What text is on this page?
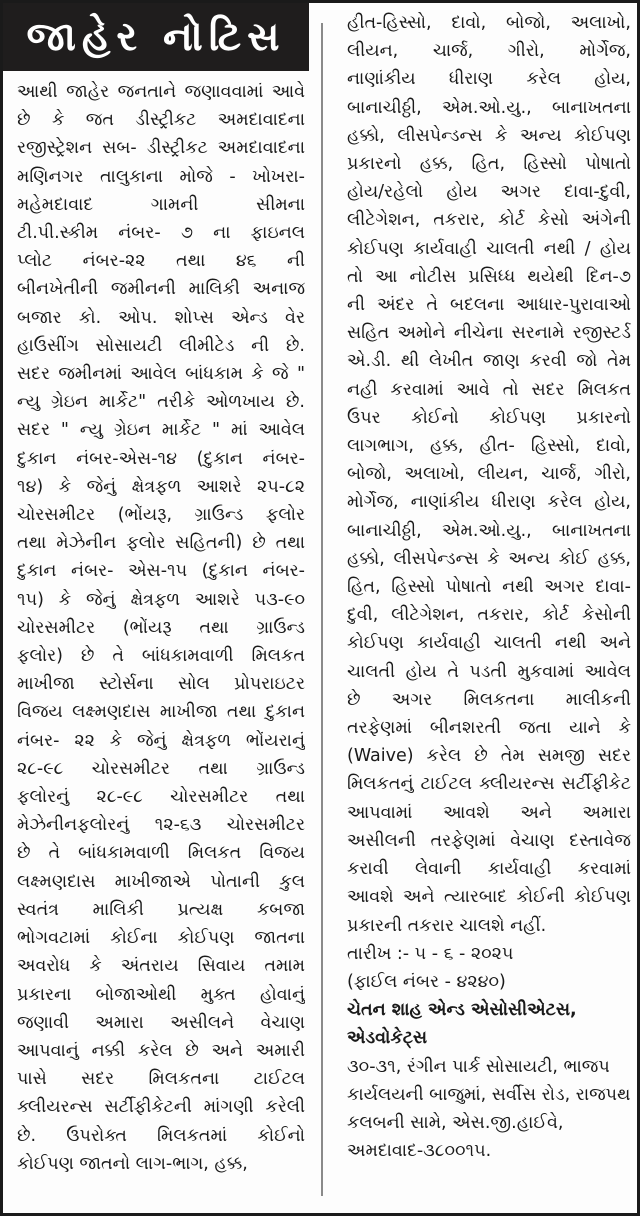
જાહેર નોટિસ
આથી જાહેર જનતાને જણાવવામાં આવે
છે કે જત ડીસ્ટ્રીકટ અમદાવાદના
રજીસ્ટ્રેશન સબ- ડીસ્ટ્રીકટ અમદાવાદના
મણિનગર તાલુકાના મોજે - ખોખરા-
મહેમદાવાદ ગામની સીમના
ટી.પી.સ્કીમ નંબર- ૭ ના ફાઇનલ
પ્લોટ નંબર-૨૨ તથા ૪૬ ની
બીનખેતીની જમીનની માલિકી અનાજ
બજાર કો. ઓપ. શોપ્સ એન્ડ વેર
હાઉસીંગ સોસાયટી લીમીટેડ ની છે.
સદર જમીનમાં આવેલ બાંધકામ કે જે "
ન્યુ ગ્રેઇન માર્કેટ" તરીકે ઓળખાય છે.
સદર " ન્યુ ગ્રેઇન માર્કેટ " માં આવેલ
દુકાન નંબર-એસ-૧૪ (દુકાન નંબર-
૧૪) કે જેનું ક્ષેત્રફળ આશરે ૨૫-૮૨
ચોરસમીટર (ભોંયરૂ, ગ્રાઉન્ડ ફલોર
તથા મેઝેનીન ફલોર સહિતની) છે તથા
દુકાન નંબર- એસ-૧૫ (દુકાન નંબર-
૧૫) કે જેનું ક્ષેત્રફળ આશરે ૫૩-૯૦
ચોરસમીટર (ભોંયરૂ તથા ગ્રાઉન્ડ
ફલોર) છે તે બાંધકામવાળી મિલકત
માખીજા સ્ટોર્સના સોલ પ્રોપરાઇટર
વિજય લક્ષ્મણદાસ માખીજા તથા દુકાન
નંબર- ૨૨ કે જેનું ક્ષેત્રફળ ભોંયરાનું
૨૮-૯૮ ચોરસમીટર તથા ગ્રાઉન્ડ
ફલોરનું ૨૮-૯૮ ચોરસમીટર તથા
મેઝેનીનફલોરનું ૧૨-૬૩ ચોરસમીટર
છે તે બાંધકામવાળી મિલકત વિજય
લક્ષ્મણદાસ માખીજાએ પોતાની કુલ
સ્વતંત્ર માલિકી પ્રત્યક્ષ કબજા
ભોગવટામાં કોઈના કોઈપણ જાતના
અવરોધ કે અંતરાય સિવાય તમામ
પ્રકારના બોજાઓથી મુક્ત હોવાનું
જણાવી અમારા અસીલને વેચાણ
આપવાનું નક્કી કરેલ છે અને અમારી
પાસે સદર મિલકતના ટાઈટલ
ક્લીયરન્સ સર્ટીફીકેટની માંગણી કરેલી
છે. ઉપરોક્ત મિલકતમાં કોઈનો
કોઈપણ જાતનો લાગ-ભાગ, હક્ક,
હીત-હિસ્સો, દાવો, બોજો, અલાખો,
લીયન, ચાર્જ, ગીરો, મોર્ગેજ,
નાણાંકીય ધીરાણ કરેલ હોય,
બાનાચીઠ્ઠી, એમ.ઓ.યુ., બાનાખતના
હક્કો, લીસપેન્ડન્સ કે અન્ય કોઈપણ
પ્રકારનો હક્ક, હિત, હિસ્સો પોષાતો
હોય/રહેલો હોય અગર દાવા-દુવી,
લીટેગેશન, તકરાર, કોર્ટ કેસો અંગેની
કોઈપણ કાર્યવાહી ચાલતી નથી / હોય
તો આ નોટીસ પ્રસિધ્ધ થયેથી દિન-૭
ની અંદર તે બદલના આધાર-પુરાવાઓ
સહિત અમોને નીચેના સરનામે રજીસ્ટર્ડ
એ.ડી. થી લેખીત જાણ કરવી જો તેમ
નહી કરવામાં આવે તો સદર મિલકત
ઉપર કોઈનો કોઈપણ પ્રકારનો
લાગભાગ, હક્ક, હીત- હિસ્સો, દાવો,
બોજો, અલાખો, લીયન, ચાર્જ, ગીરો,
મોર્ગેજ, નાણાંકીય ધીરાણ કરેલ હોય,
બાનાચીઠ્ઠી, એમ.ઓ.યુ., બાનાખતના
હક્કો, લીસપેન્ડન્સ કે અન્ય કોઈ હક્ક,
હિત, હિસ્સો પોષાતો નથી અગર દાવા-
દુવી, લીટેગેશન, તકરાર, કોર્ટ કેસોની
કોઈપણ કાર્યવાહી ચાલતી નથી અને
ચાલતી હોય તે પડતી મુકવામાં આવેલ
છે અગર મિલકતના માલીકની
તરફેણમાં બીનશરતી જતા યાને કે
(Waive) કરેલ છે તેમ સમજી સદર
મિલકતનું ટાઈટલ ક્લીયરન્સ સર્ટીફીકેટ
આપવામાં આવશે અને અમારા
અસીલની તરફેણમાં વેચાણ દસ્તાવેજ
કરાવી લેવાની કાર્યવાહી કરવામાં
આવશે અને ત્યારબાદ કોઈની કોઈપણ
પ્રકારની તકરાર ચાલશે નહીં.
તારીખ :- ૫ - ૬ - ૨૦૨૫
(ફાઈલ નંબર - ૪૨૪૦)
ચેતન શાહ એન્ડ એસોસીએટસ,
એડવોકેટ્સ
૩૦-૩૧, રંગીન પાર્ક સોસાયટી, ભાજપ
કાર્યલયની બાજુમાં, સર્વીસ રોડ, રાજપથ
કલબની સામે, એસ.જી.હાઈવે,
અમદાવાદ-૩૮૦૦૧૫.
